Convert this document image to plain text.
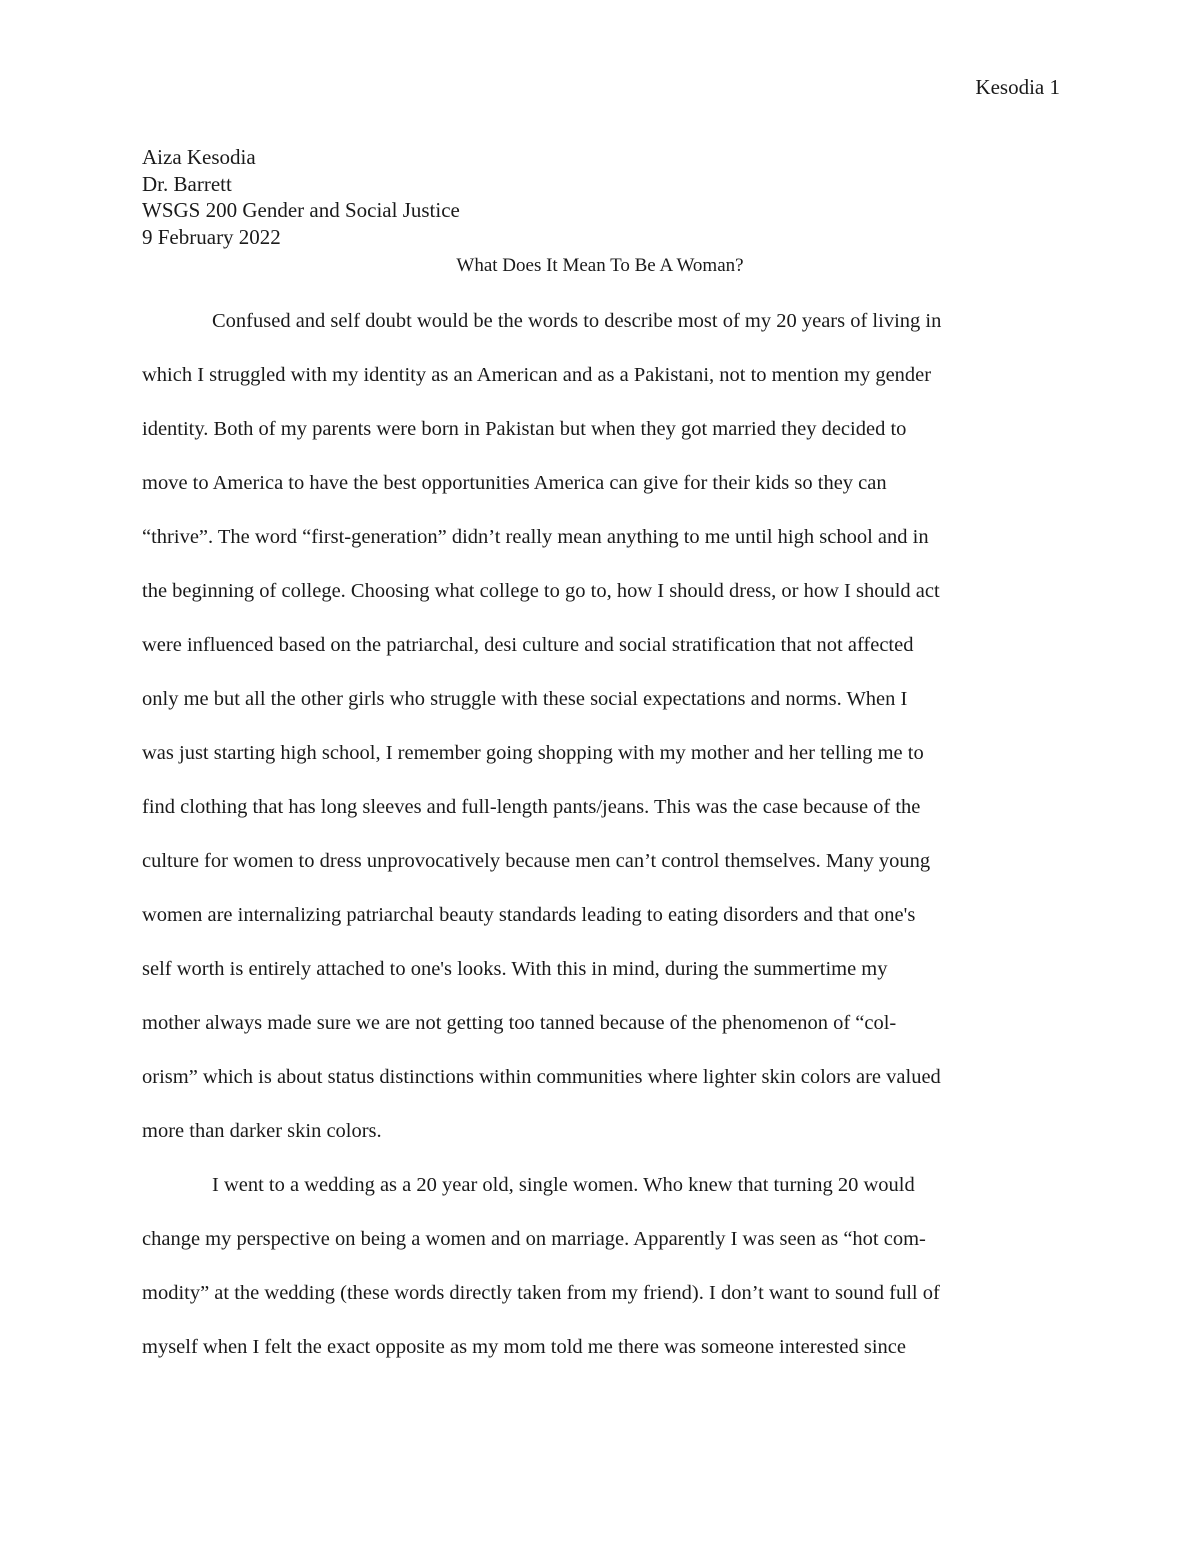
Kesodia 1
Aiza Kesodia
Dr. Barrett
WSGS 200 Gender and Social Justice
9 February 2022
What Does It Mean To Be A Woman?
Confused and self doubt would be the words to describe most of my 20 years of living in
which I struggled with my identity as an American and as a Pakistani, not to mention my gender
identity. Both of my parents were born in Pakistan but when they got married they decided to
move to America to have the best opportunities America can give for their kids so they can
“thrive”. The word “first-generation” didn’t really mean anything to me until high school and in
the beginning of college. Choosing what college to go to, how I should dress, or how I should act
were influenced based on the patriarchal, desi culture and social stratification that not affected
only me but all the other girls who struggle with these social expectations and norms. When I
was just starting high school, I remember going shopping with my mother and her telling me to
find clothing that has long sleeves and full-length pants/jeans. This was the case because of the
culture for women to dress unprovocatively because men can’t control themselves. Many young
women are internalizing patriarchal beauty standards leading to eating disorders and that one's
self worth is entirely attached to one's looks. With this in mind, during the summertime my
mother always made sure we are not getting too tanned because of the phenomenon of “col-
orism” which is about status distinctions within communities where lighter skin colors are valued
more than darker skin colors.
I went to a wedding as a 20 year old, single women. Who knew that turning 20 would
change my perspective on being a women and on marriage. Apparently I was seen as “hot com-
modity” at the wedding (these words directly taken from my friend). I don’t want to sound full of
myself when I felt the exact opposite as my mom told me there was someone interested since
